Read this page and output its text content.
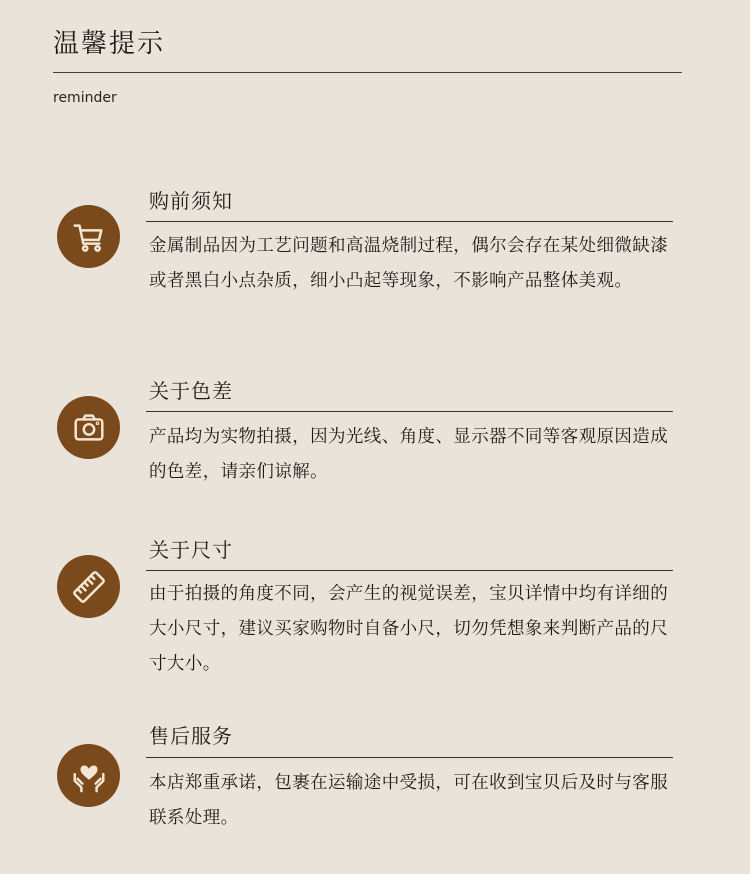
温馨提示
reminder
购前须知
金属制品因为工艺问题和高温烧制过程，偶尔会存在某处细微缺漆或者黑白小点杂质，细小凸起等现象，不影响产品整体美观。
关于色差
产品均为实物拍摄，因为光线、角度、显示器不同等客观原因造成的色差，请亲们谅解。
关于尺寸
由于拍摄的角度不同，会产生的视觉误差，宝贝详情中均有详细的大小尺寸，建议买家购物时自备小尺，切勿凭想象来判断产品的尺寸大小。
售后服务
本店郑重承诺，包裹在运输途中受损，可在收到宝贝后及时与客服联系处理。
